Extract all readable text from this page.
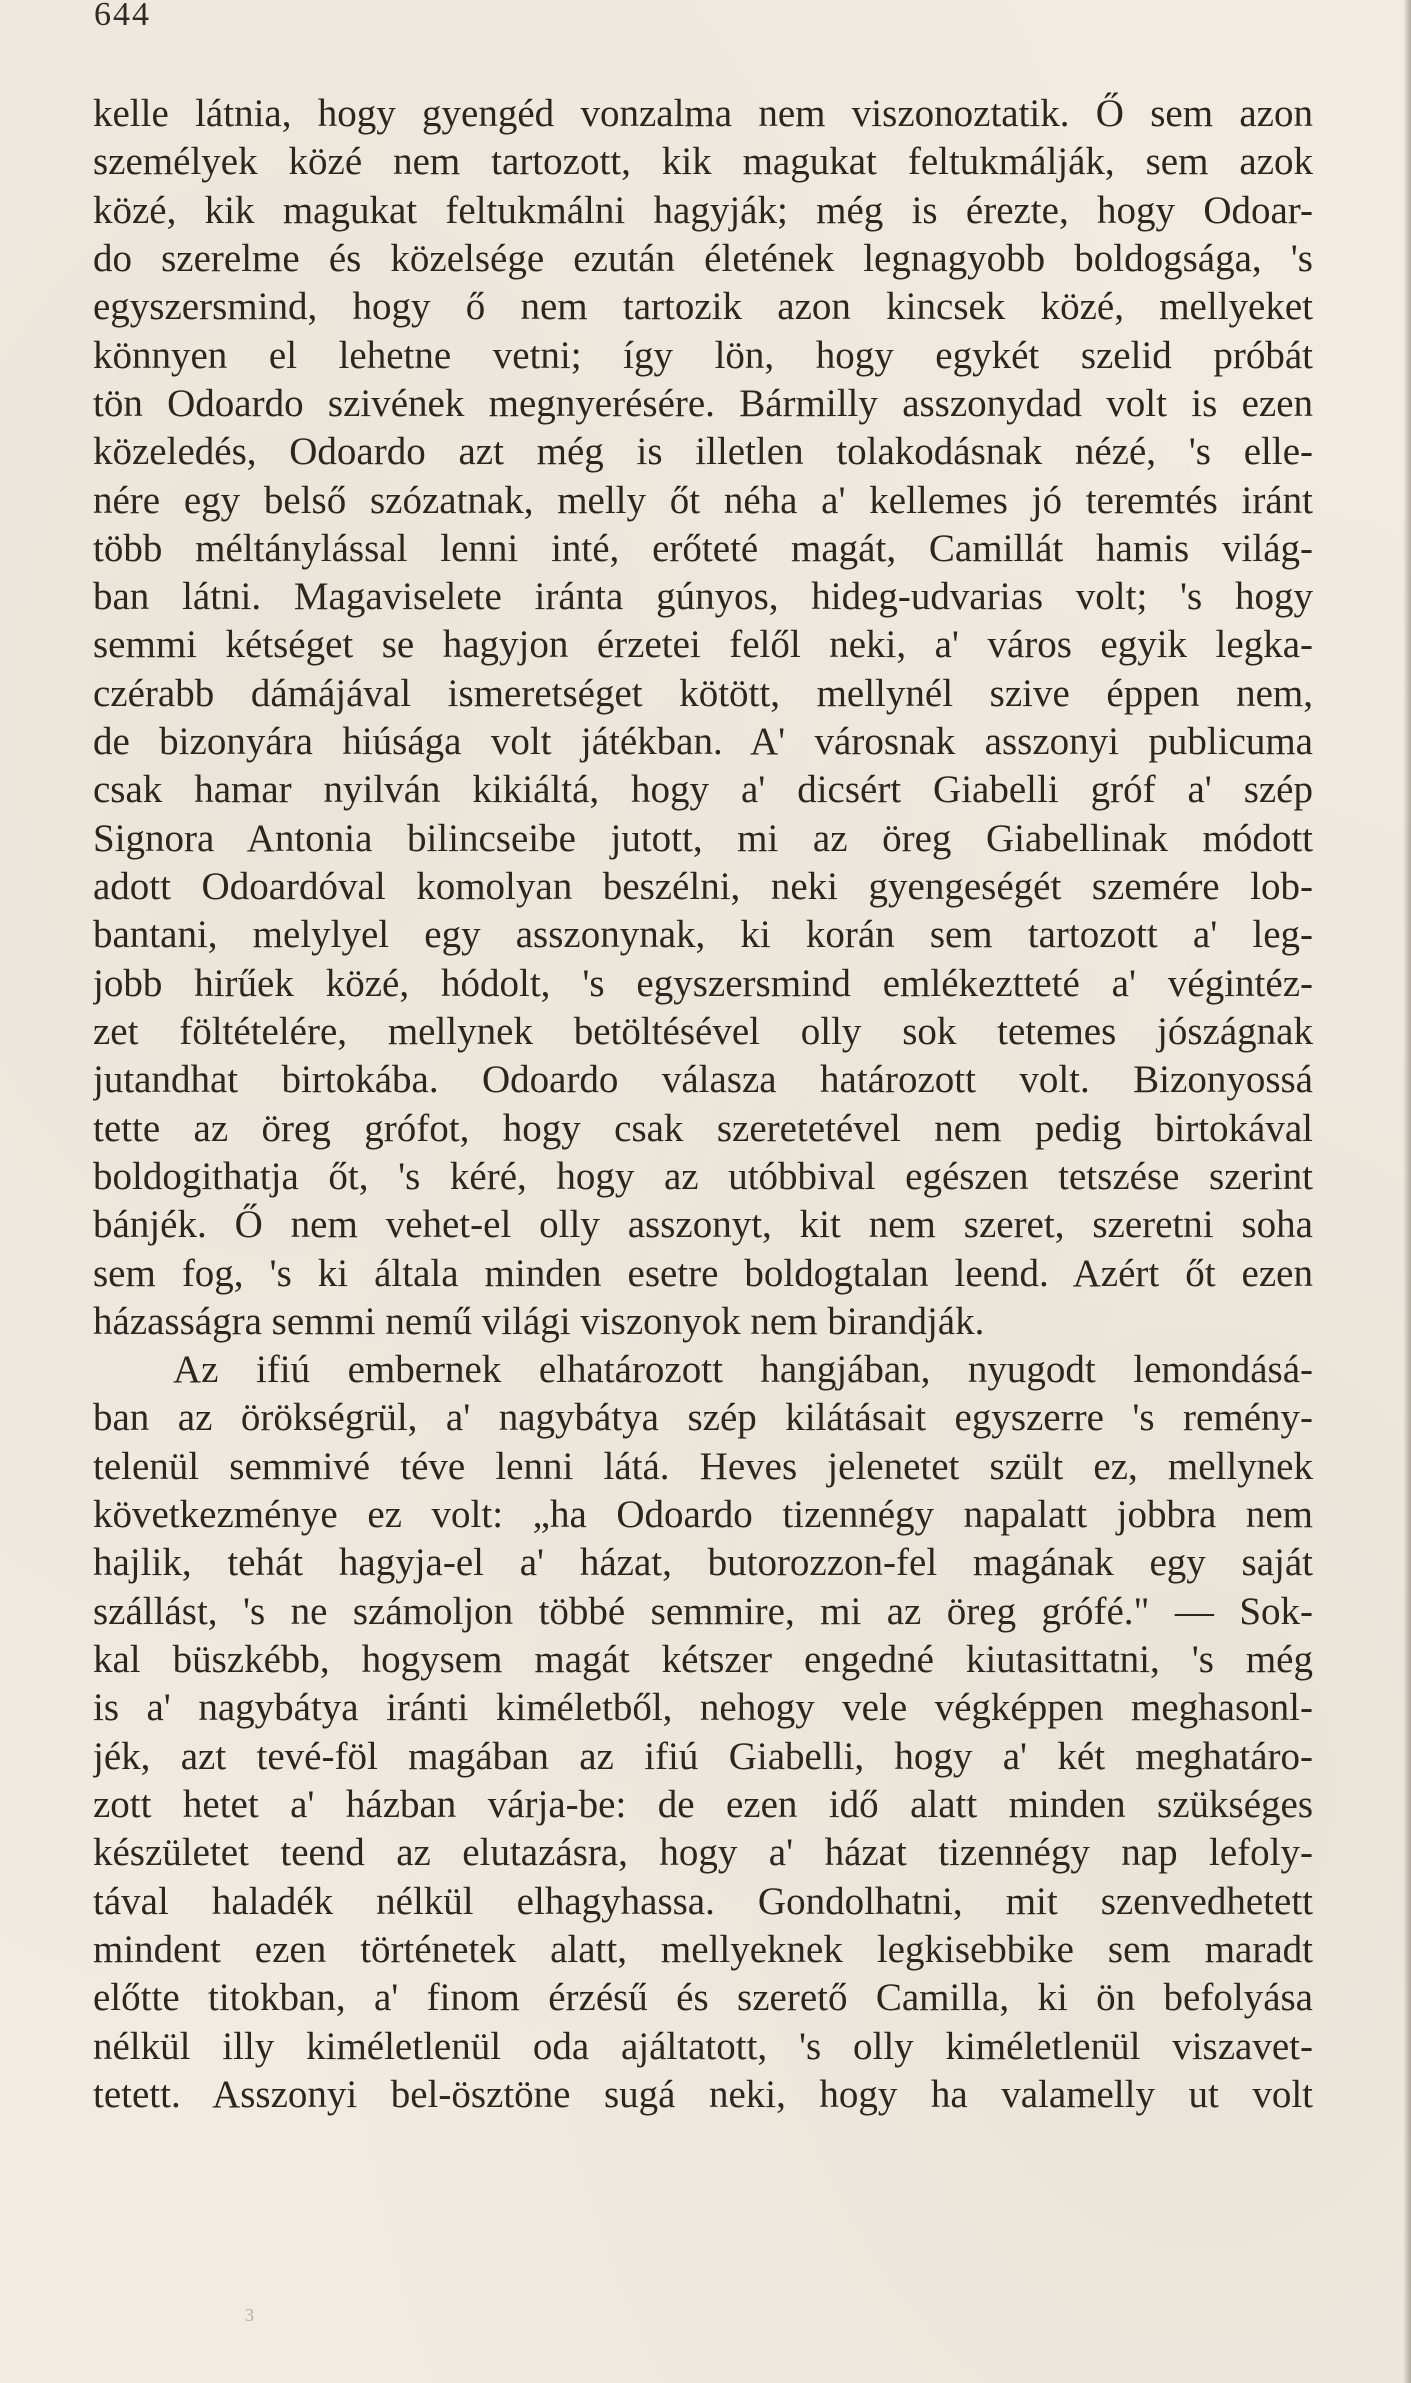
644
kelle látnia, hogy gyengéd vonzalma nem viszonoztatik. Ő sem azon
személyek közé nem tartozott, kik magukat feltukmálják, sem azok
közé, kik magukat feltukmálni hagyják; még is érezte, hogy Odoar-
do szerelme és közelsége ezután életének legnagyobb boldogsága, 's
egyszersmind, hogy ő nem tartozik azon kincsek közé, mellyeket
könnyen el lehetne vetni; így lön, hogy egykét szelid próbát
tön Odoardo szivének megnyerésére. Bármilly asszonydad volt is ezen
közeledés, Odoardo azt még is illetlen tolakodásnak nézé, 's elle-
nére egy belső szózatnak, melly őt néha a' kellemes jó teremtés iránt
több méltánylással lenni inté, erőteté magát, Camillát hamis világ-
ban látni. Magaviselete iránta gúnyos, hideg-udvarias volt; 's hogy
semmi kétséget se hagyjon érzetei felől neki, a' város egyik legka-
czérabb dámájával ismeretséget kötött, mellynél szive éppen nem,
de bizonyára hiúsága volt játékban. A' városnak asszonyi publicuma
csak hamar nyilván kikiáltá, hogy a' dicsért Giabelli gróf a' szép
Signora Antonia bilincseibe jutott, mi az öreg Giabellinak módott
adott Odoardóval komolyan beszélni, neki gyengeségét szemére lob-
bantani, melylyel egy asszonynak, ki korán sem tartozott a' leg-
jobb hirűek közé, hódolt, 's egyszersmind emlékeztteté a' végintéz-
zet föltételére, mellynek betöltésével olly sok tetemes jószágnak
jutandhat birtokába. Odoardo válasza határozott volt. Bizonyossá
tette az öreg grófot, hogy csak szeretetével nem pedig birtokával
boldogithatja őt, 's kéré, hogy az utóbbival egészen tetszése szerint
bánjék. Ő nem vehet-el olly asszonyt, kit nem szeret, szeretni soha
sem fog, 's ki általa minden esetre boldogtalan leend. Azért őt ezen
házasságra semmi nemű világi viszonyok nem birandják.
Az ifiú embernek elhatározott hangjában, nyugodt lemondásá-
ban az örökségrül, a' nagybátya szép kilátásait egyszerre 's remény-
telenül semmivé téve lenni látá. Heves jelenetet szült ez, mellynek
következménye ez volt: „ha Odoardo tizennégy napalatt jobbra nem
hajlik, tehát hagyja-el a' házat, butorozzon-fel magának egy saját
szállást, 's ne számoljon többé semmire, mi az öreg grófé." — Sok-
kal büszkébb, hogysem magát kétszer engedné kiutasittatni, 's még
is a' nagybátya iránti kiméletből, nehogy vele végképpen meghasonl-
jék, azt tevé-föl magában az ifiú Giabelli, hogy a' két meghatáro-
zott hetet a' házban várja-be: de ezen idő alatt minden szükséges
készületet teend az elutazásra, hogy a' házat tizennégy nap lefoly-
tával haladék nélkül elhagyhassa. Gondolhatni, mit szenvedhetett
mindent ezen történetek alatt, mellyeknek legkisebbike sem maradt
előtte titokban, a' finom érzésű és szerető Camilla, ki ön befolyása
nélkül illy kiméletlenül oda ajáltatott, 's olly kiméletlenül viszavet-
tetett. Asszonyi bel-ösztöne sugá neki, hogy ha valamelly ut volt
3
